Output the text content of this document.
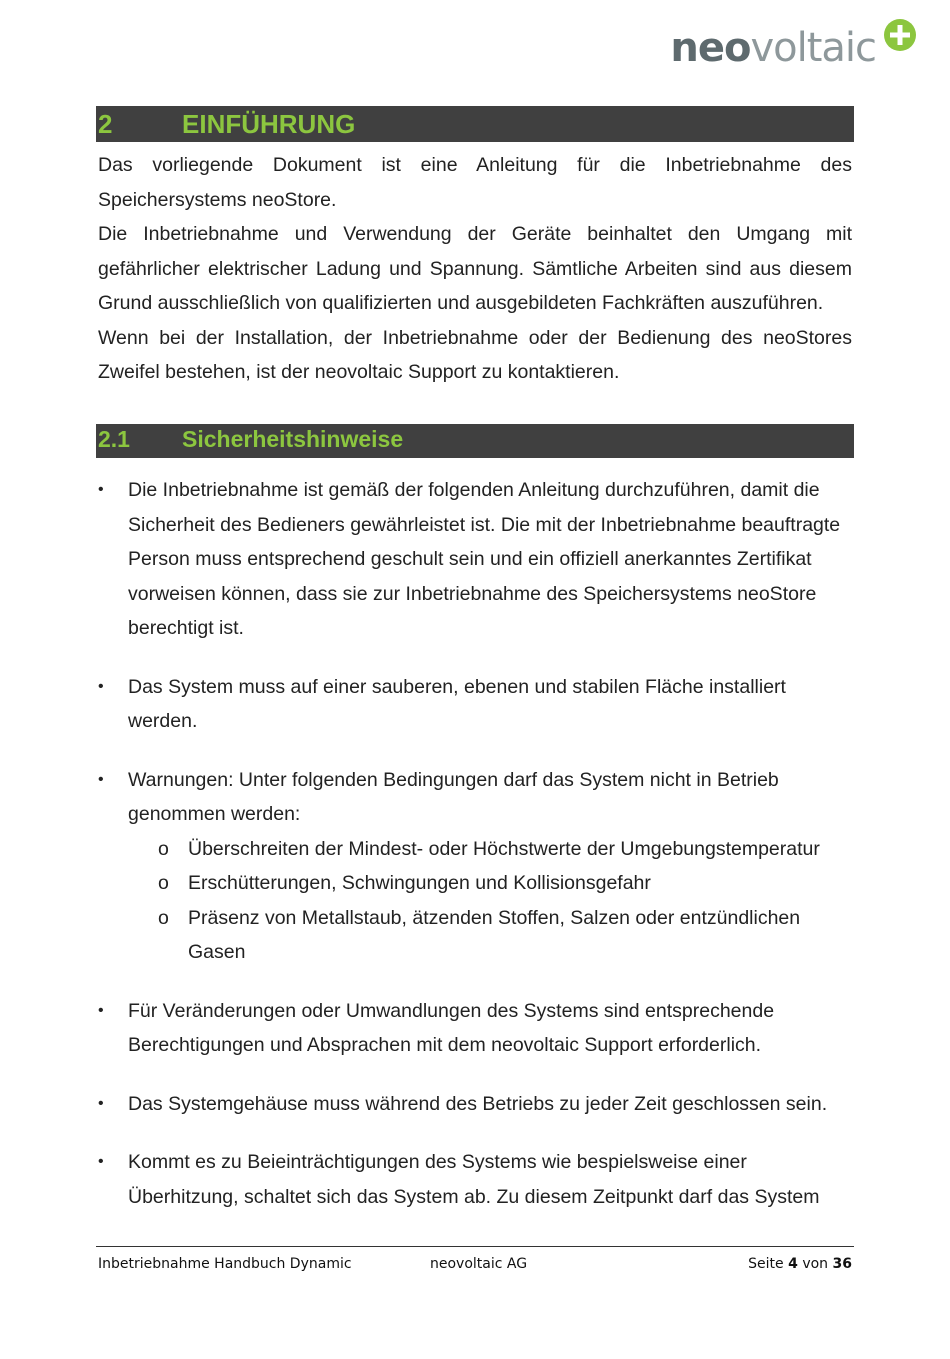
neovoltaic
2	EINFÜHRUNG
Das vorliegende Dokument ist eine Anleitung für die Inbetriebnahme des Speichersystems neoStore.
Die Inbetriebnahme und Verwendung der Geräte beinhaltet den Umgang mit gefährlicher elektrischer Ladung und Spannung. Sämtliche Arbeiten sind aus diesem Grund ausschließlich von qualifizierten und ausgebildeten Fachkräften auszuführen.
Wenn bei der Installation, der Inbetriebnahme oder der Bedienung des neoStores Zweifel bestehen, ist der neovoltaic Support zu kontaktieren.
2.1 Sicherheitshinweise
• Die Inbetriebnahme ist gemäß der folgenden Anleitung durchzuführen, damit die Sicherheit des Bedieners gewährleistet ist. Die mit der Inbetriebnahme beauftragte Person muss entsprechend geschult sein und ein offiziell anerkanntes Zertifikat vorweisen können, dass sie zur Inbetriebnahme des Speichersystems neoStore berechtigt ist.
• Das System muss auf einer sauberen, ebenen und stabilen Fläche installiert werden.
• Warnungen: Unter folgenden Bedingungen darf das System nicht in Betrieb genommen werden:
o Überschreiten der Mindest- oder Höchstwerte der Umgebungstemperatur
o Erschütterungen, Schwingungen und Kollisionsgefahr
o Präsenz von Metallstaub, ätzenden Stoffen, Salzen oder entzündlichen Gasen
• Für Veränderungen oder Umwandlungen des Systems sind entsprechende Berechtigungen und Absprachen mit dem neovoltaic Support erforderlich.
• Das Systemgehäuse muss während des Betriebs zu jeder Zeit geschlossen sein.
• Kommt es zu Beieinträchtigungen des Systems wie bespielsweise einer Überhitzung, schaltet sich das System ab. Zu diesem Zeitpunkt darf das System
Inbetriebnahme Handbuch Dynamic	neovoltaic AG	Seite 4 von 36
